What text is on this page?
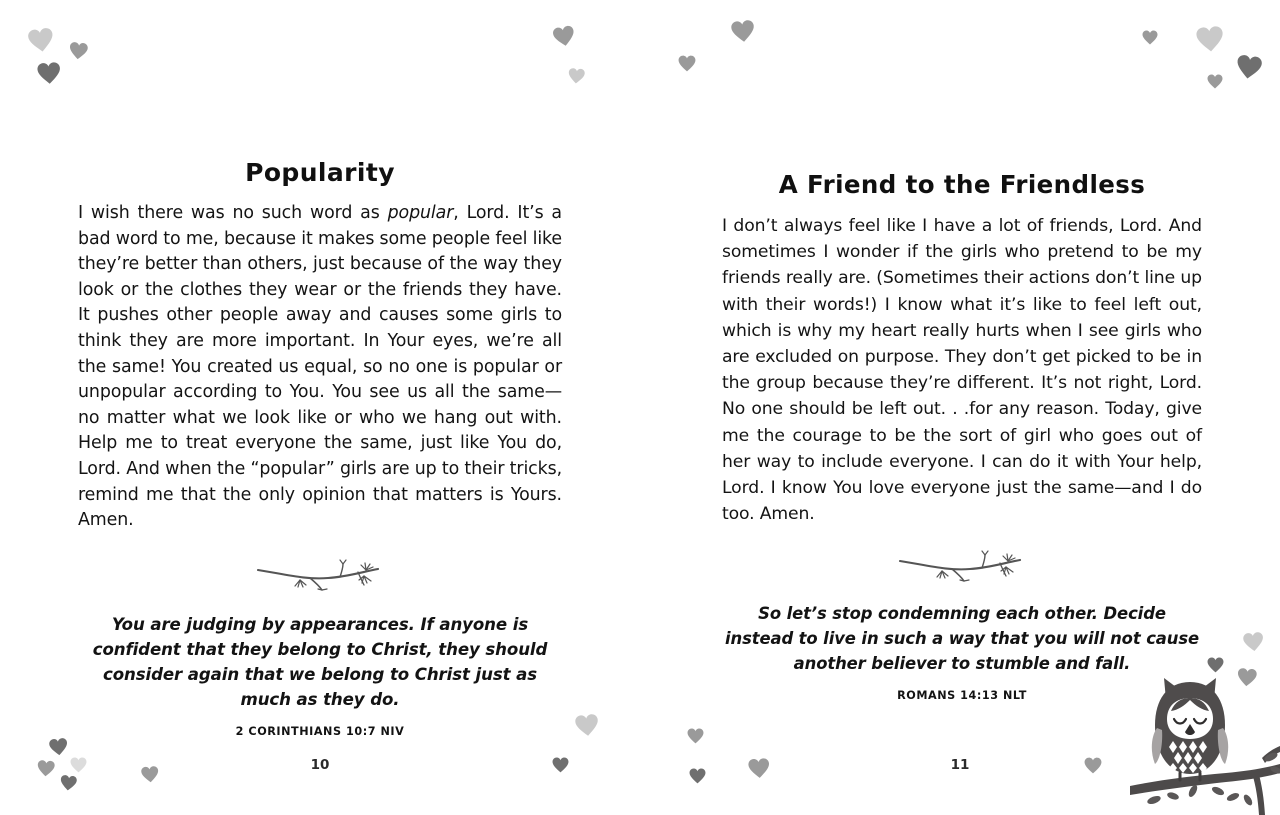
Popularity

I wish there was no such word as popular, Lord. It’s a bad word to me, because it makes some people feel like they’re better than others, just because of the way they look or the clothes they wear or the friends they have. It pushes other people away and causes some girls to think they are more important. In Your eyes, we’re all the same! You created us equal, so no one is popular or unpopular according to You. You see us all the same—no matter what we look like or who we hang out with. Help me to treat everyone the same, just like You do, Lord. And when the “popular” girls are up to their tricks, remind me that the only opinion that matters is Yours. Amen.

You are judging by appearances. If anyone is confident that they belong to Christ, they should consider again that we belong to Christ just as much as they do.
2 CORINTHIANS 10:7 NIV
10
A Friend to the Friendless

I don’t always feel like I have a lot of friends, Lord. And sometimes I wonder if the girls who pretend to be my friends really are. (Sometimes their actions don’t line up with their words!) I know what it’s like to feel left out, which is why my heart really hurts when I see girls who are excluded on purpose. They don’t get picked to be in the group because they’re different. It’s not right, Lord. No one should be left out. . .for any reason. Today, give me the courage to be the sort of girl who goes out of her way to include everyone. I can do it with Your help, Lord. I know You love everyone just the same—and I do too. Amen.

So let’s stop condemning each other. Decide instead to live in such a way that you will not cause another believer to stumble and fall.
ROMANS 14:13 NLT
11
